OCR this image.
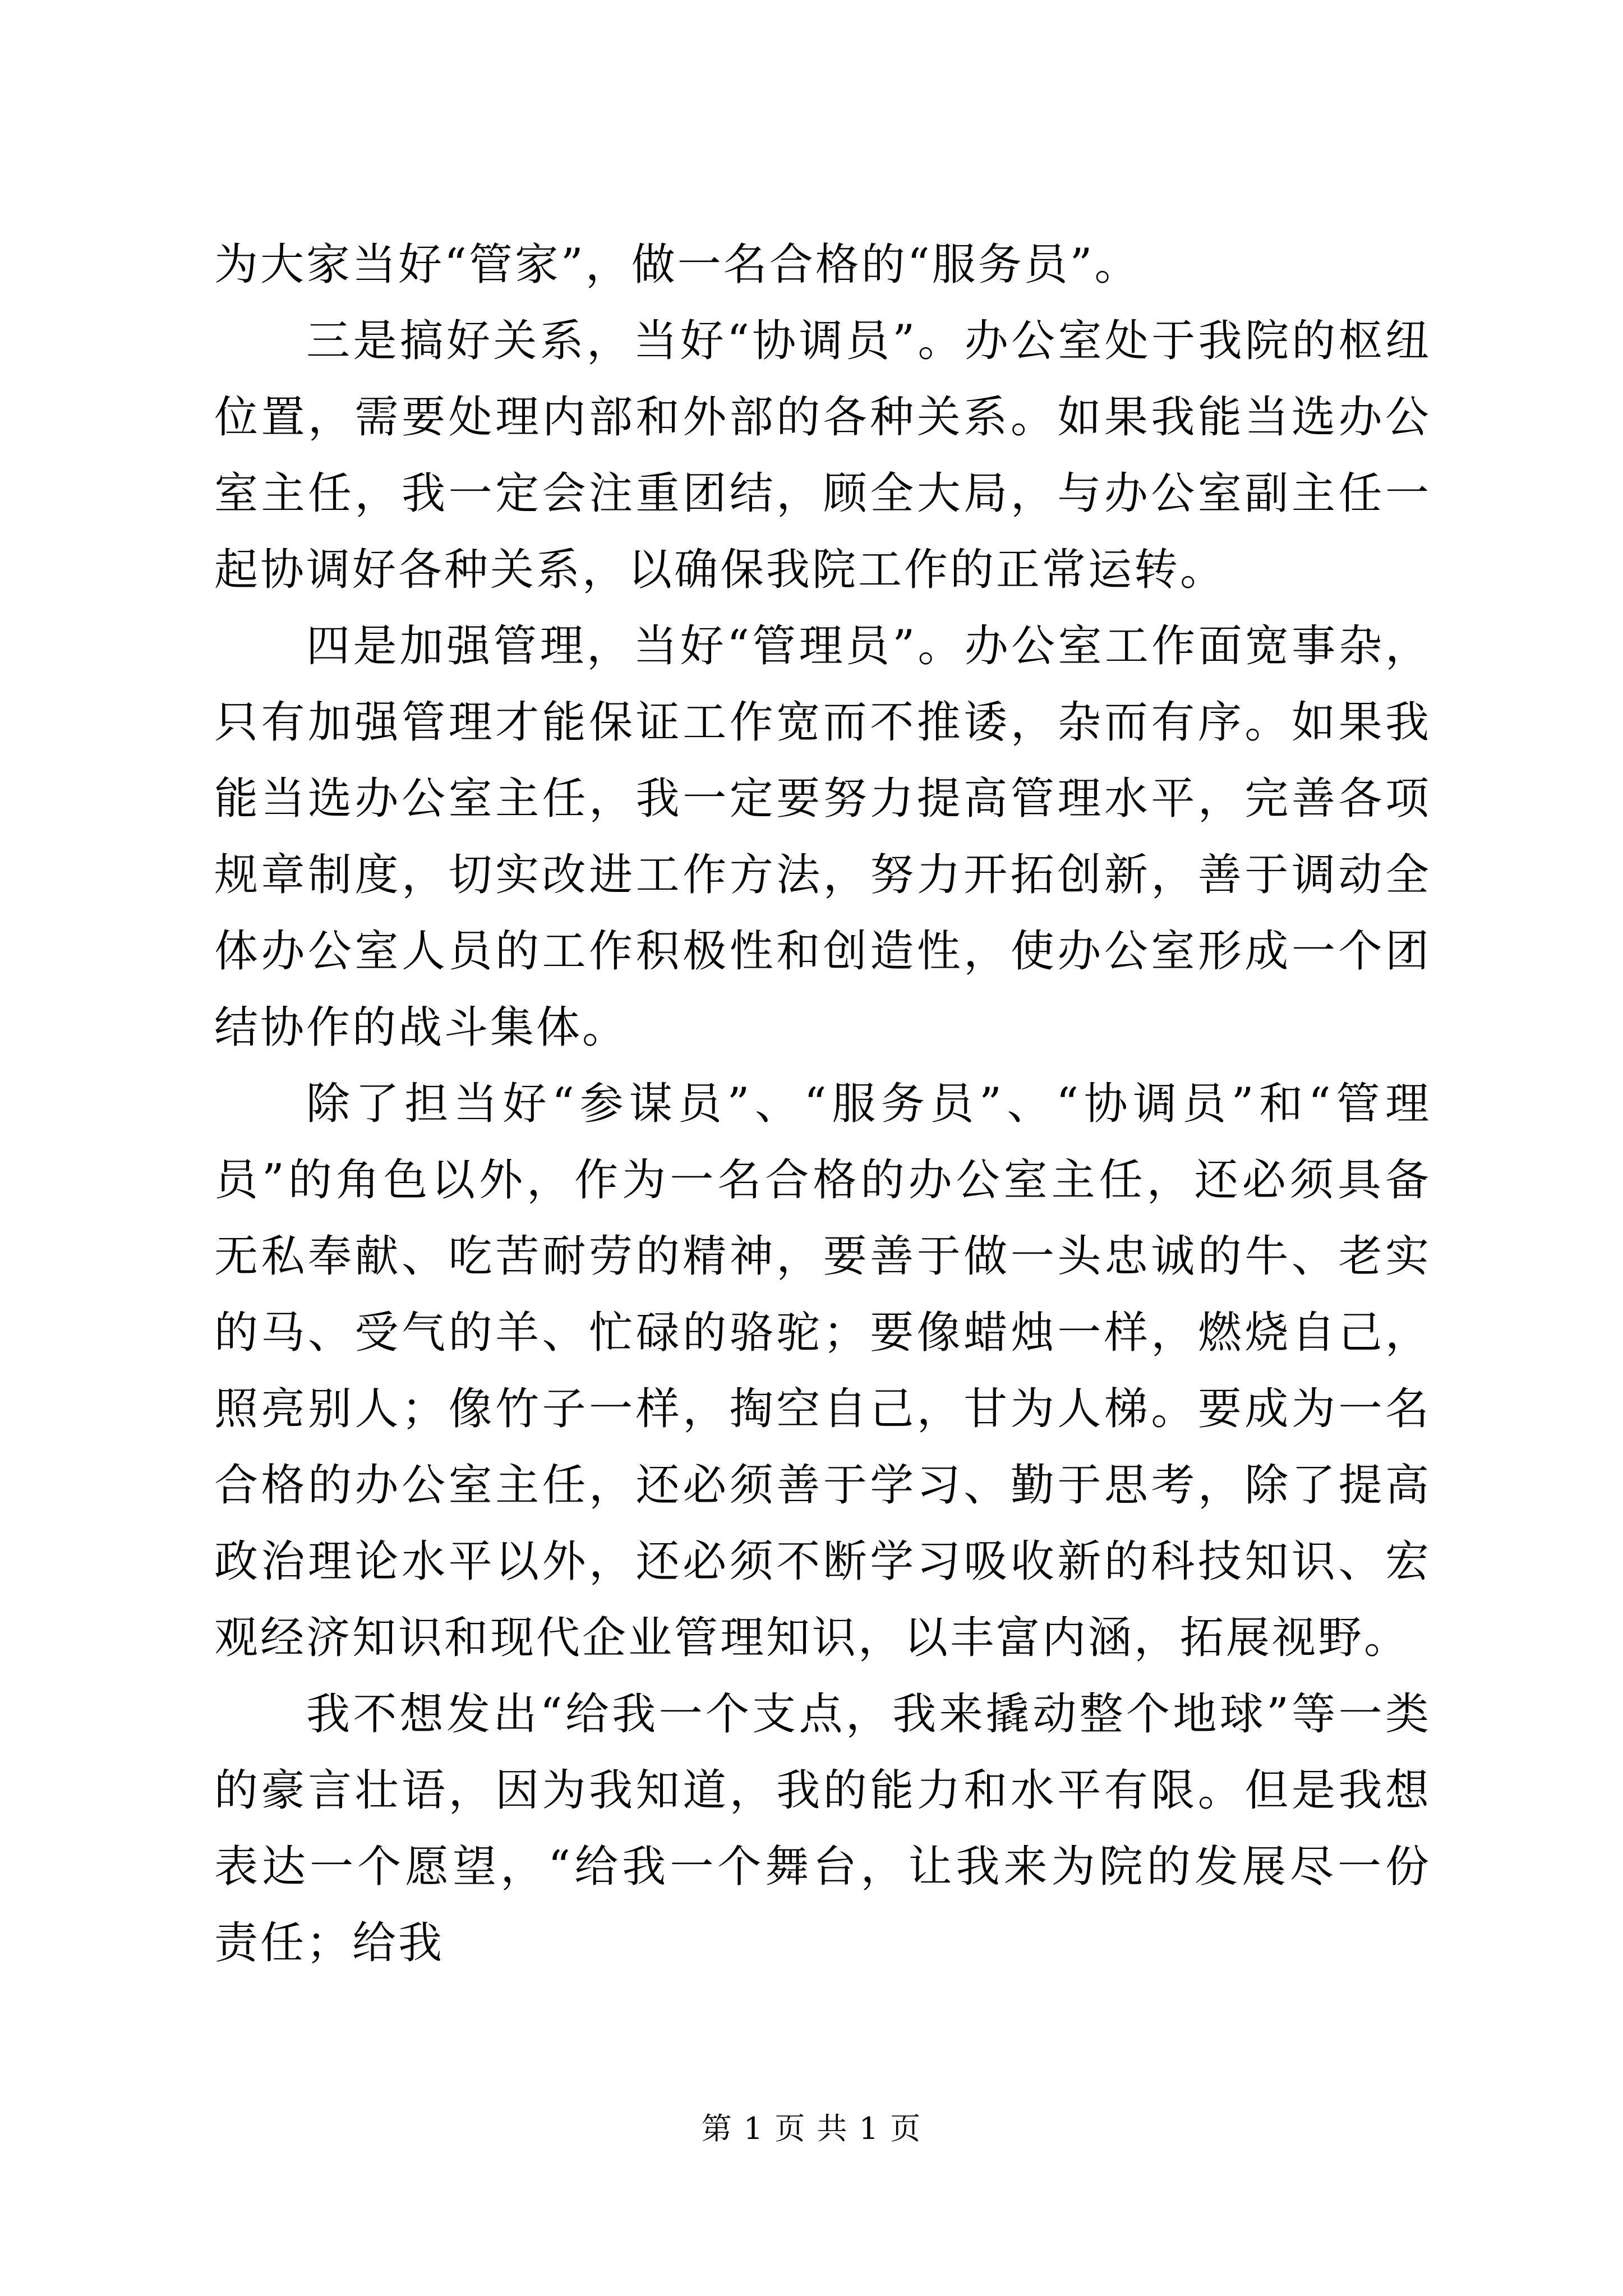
为大家当好“管家”，做一名合格的“服务员”。

三是搞好关系，当好“协调员”。办公室处于我院的枢纽位置，需要处理内部和外部的各种关系。如果我能当选办公室主任，我一定会注重团结，顾全大局，与办公室副主任一起协调好各种关系，以确保我院工作的正常运转。

四是加强管理，当好“管理员”。办公室工作面宽事杂，只有加强管理才能保证工作宽而不推诿，杂而有序。如果我能当选办公室主任，我一定要努力提高管理水平，完善各项规章制度，切实改进工作方法，努力开拓创新，善于调动全体办公室人员的工作积极性和创造性，使办公室形成一个团结协作的战斗集体。

除了担当好“参谋员”、“服务员”、“协调员”和“管理员”的角色以外，作为一名合格的办公室主任，还必须具备无私奉献、吃苦耐劳的精神，要善于做一头忠诚的牛、老实的马、受气的羊、忙碌的骆驼；要像蜡烛一样，燃烧自己，照亮别人；像竹子一样，掏空自己，甘为人梯。要成为一名合格的办公室主任，还必须善于学习、勤于思考，除了提高政治理论水平以外，还必须不断学习吸收新的科技知识、宏观经济知识和现代企业管理知识，以丰富内涵，拓展视野。

我不想发出“给我一个支点，我来撬动整个地球”等一类的豪言壮语，因为我知道，我的能力和水平有限。但是我想表达一个愿望，“给我一个舞台，让我来为院的发展尽一份责任；给我

第 1 页 共 1 页
